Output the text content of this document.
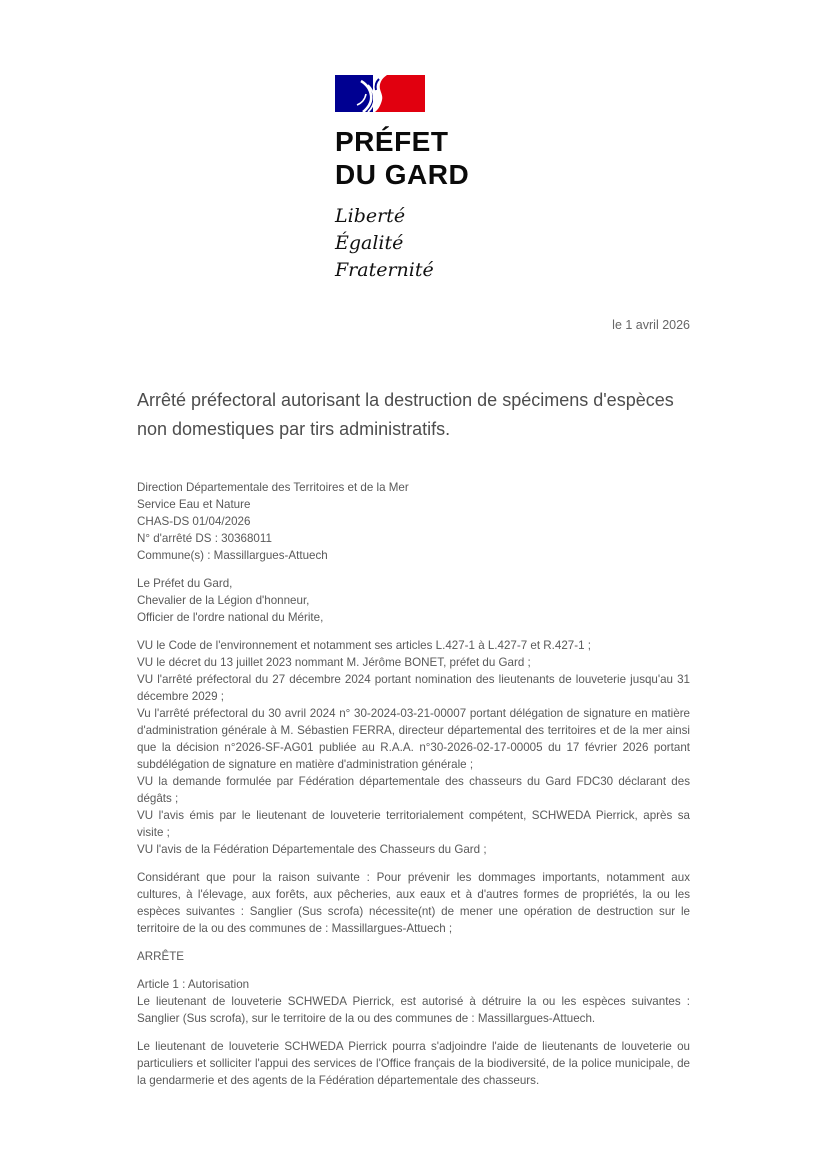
PRÉFET
DU GARD
Liberté
Égalité
Fraternité
le 1 avril 2026
Arrêté préfectoral autorisant la destruction de spécimens d'espèces non domestiques par tirs administratifs.
Direction Départementale des Territoires et de la Mer
Service Eau et Nature
CHAS-DS 01/04/2026
N° d'arrêté DS : 30368011
Commune(s) : Massillargues-Attuech
Le Préfet du Gard,
Chevalier de la Légion d'honneur,
Officier de l'ordre national du Mérite,

VU le Code de l'environnement et notamment ses articles L.427-1 à L.427-7 et R.427-1 ;

VU le décret du 13 juillet 2023 nommant M. Jérôme BONET, préfet du Gard ;

VU l'arrêté préfectoral du 27 décembre 2024 portant nomination des lieutenants de louveterie jusqu'au 31 décembre 2029 ;

Vu l'arrêté préfectoral du 30 avril 2024 n° 30-2024-03-21-00007 portant délégation de signature en matière d'administration générale à M. Sébastien FERRA, directeur départemental des territoires et de la mer ainsi que la décision n°2026-SF-AG01 publiée au R.A.A. n°30-2026-02-17-00005 du 17 février 2026 portant subdélégation de signature en matière d'administration générale ;

VU la demande formulée par Fédération départementale des chasseurs du Gard FDC30 déclarant des dégâts ;

VU l'avis émis par le lieutenant de louveterie territorialement compétent, SCHWEDA Pierrick, après sa visite ;

VU l'avis de la Fédération Départementale des Chasseurs du Gard ;

Considérant que pour la raison suivante : Pour prévenir les dommages importants, notamment aux cultures, à l'élevage, aux forêts, aux pêcheries, aux eaux et à d'autres formes de propriétés, la ou les espèces suivantes : Sanglier (Sus scrofa) nécessite(nt) de mener une opération de destruction sur le territoire de la ou des communes de : Massillargues-Attuech ;

ARRÊTE
Article 1 : Autorisation

Le lieutenant de louveterie SCHWEDA Pierrick, est autorisé à détruire la ou les espèces suivantes : Sanglier (Sus scrofa), sur le territoire de la ou des communes de : Massillargues-Attuech.

Le lieutenant de louveterie SCHWEDA Pierrick pourra s'adjoindre l'aide de lieutenants de louveterie ou particuliers et solliciter l'appui des services de l'Office français de la biodiversité, de la police municipale, de la gendarmerie et des agents de la Fédération départementale des chasseurs.
